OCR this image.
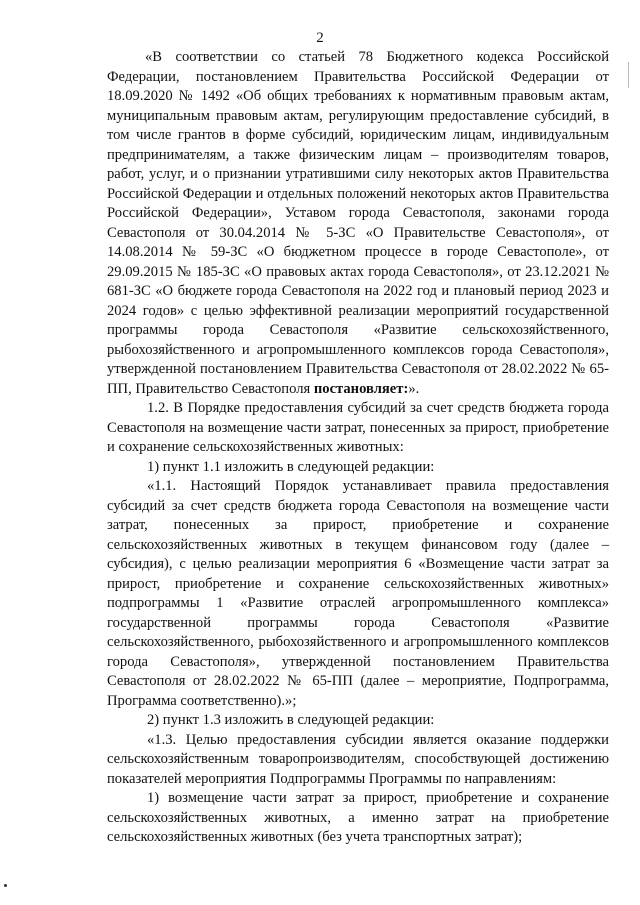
2

«В соответствии со статьей 78 Бюджетного кодекса Российской Федерации, постановлением Правительства Российской Федерации от 18.09.2020 № 1492 «Об общих требованиях к нормативным правовым актам, муниципальным правовым актам, регулирующим предоставление субсидий, в том числе грантов в форме субсидий, юридическим лицам, индивидуальным предпринимателям, а также физическим лицам – производителям товаров, работ, услуг, и о признании утратившими силу некоторых актов Правительства Российской Федерации и отдельных положений некоторых актов Правительства Российской Федерации», Уставом города Севастополя, законами города Севастополя от 30.04.2014 № 5-ЗС «О Правительстве Севастополя», от 14.08.2014 № 59-ЗС «О бюджетном процессе в городе Севастополе», от 29.09.2015 № 185-ЗС «О правовых актах города Севастополя», от 23.12.2021 № 681-ЗС «О бюджете города Севастополя на 2022 год и плановый период 2023 и 2024 годов» с целью эффективной реализации мероприятий государственной программы города Севастополя «Развитие сельскохозяйственного, рыбохозяйственного и агропромышленного комплексов города Севастополя», утвержденной постановлением Правительства Севастополя от 28.02.2022 № 65-ПП, Правительство Севастополя постановляет:».

1.2. В Порядке предоставления субсидий за счет средств бюджета города Севастополя на возмещение части затрат, понесенных за прирост, приобретение и сохранение сельскохозяйственных животных:

1) пункт 1.1 изложить в следующей редакции:

«1.1. Настоящий Порядок устанавливает правила предоставления субсидий за счет средств бюджета города Севастополя на возмещение части затрат, понесенных за прирост, приобретение и сохранение сельскохозяйственных животных в текущем финансовом году (далее – субсидия), с целью реализации мероприятия 6 «Возмещение части затрат за прирост, приобретение и сохранение сельскохозяйственных животных» подпрограммы 1 «Развитие отраслей агропромышленного комплекса» государственной программы города Севастополя «Развитие сельскохозяйственного, рыбохозяйственного и агропромышленного комплексов города Севастополя», утвержденной постановлением Правительства Севастополя от 28.02.2022 № 65-ПП (далее – мероприятие, Подпрограмма, Программа соответственно).»;

2) пункт 1.3 изложить в следующей редакции:

«1.3. Целью предоставления субсидии является оказание поддержки сельскохозяйственным товаропроизводителям, способствующей достижению показателей мероприятия Подпрограммы Программы по направлениям:

1) возмещение части затрат за прирост, приобретение и сохранение сельскохозяйственных животных, а именно затрат на приобретение сельскохозяйственных животных (без учета транспортных затрат);
